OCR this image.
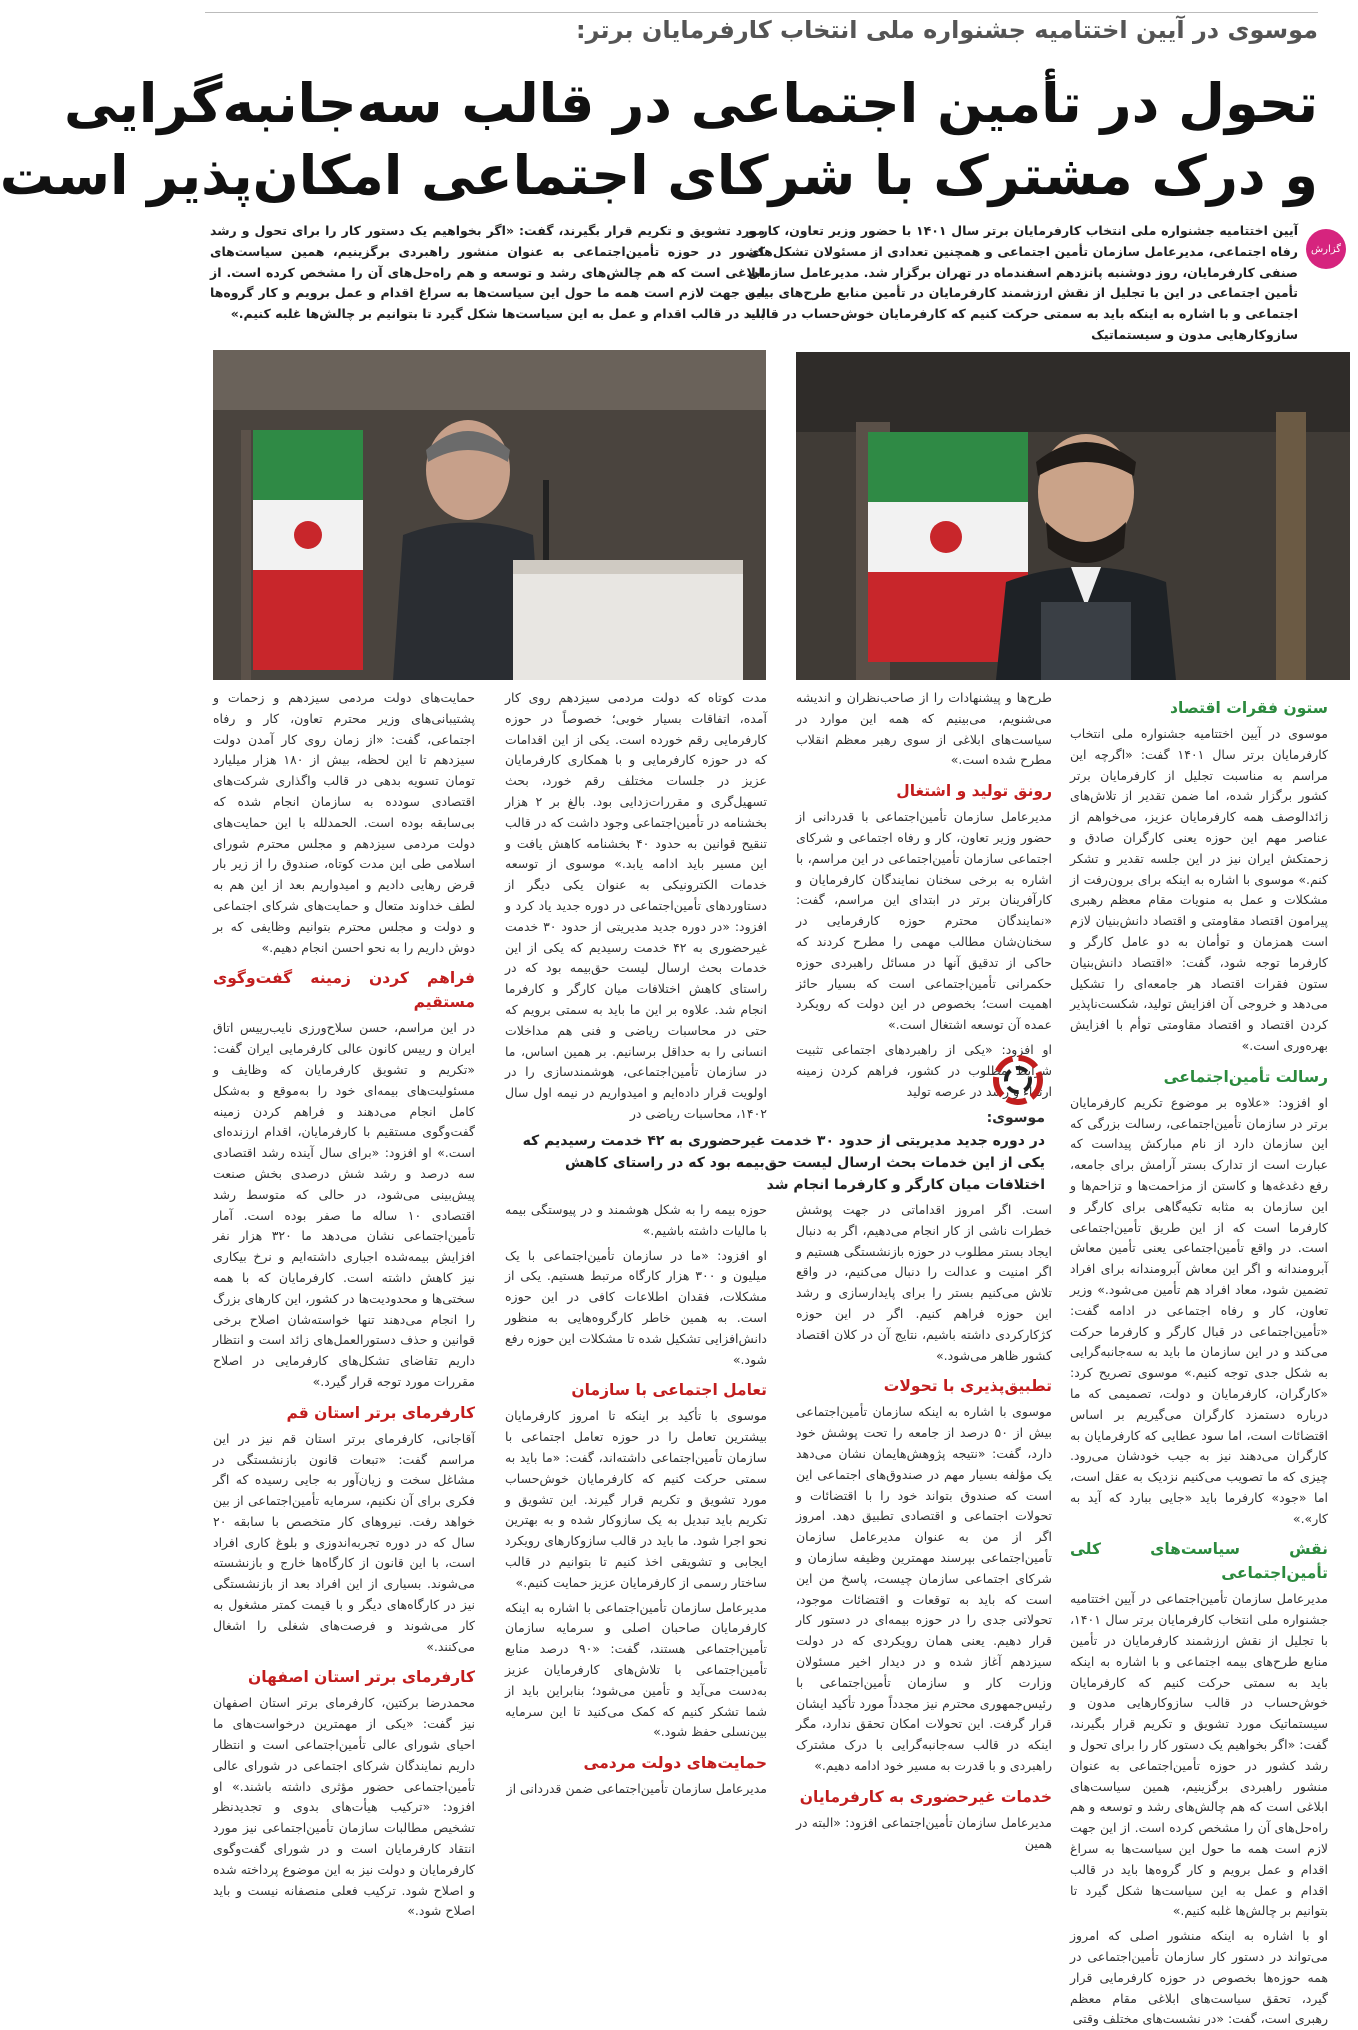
موسوی در آیین اختتامیه جشنواره ملی انتخاب کارفرمایان برتر:
تحول در تأمین اجتماعی در قالب سه‌جانبه‌گرایی
و درک مشترک با شرکای اجتماعی امکان‌پذیر است
گزارش
آیین اختتامیه جشنواره ملی انتخاب کارفرمایان برتر سال ۱۴۰۱ با حضور وزیر تعاون، کار و رفاه اجتماعی، مدیرعامل سازمان تأمین اجتماعی و همچنین تعدادی از مسئولان تشکل‌های صنفی کارفرمایان، روز دوشنبه پانزدهم اسفندماه در تهران برگزار شد. مدیرعامل سازمان تأمین اجتماعی در این با تجلیل از نقش ارزشمند کارفرمایان در تأمین منابع طرح‌های بیمه اجتماعی و با اشاره به اینکه باید به سمتی حرکت کنیم که کارفرمایان خوش‌حساب در قالب سازوکارهایی مدون و سیستماتیک
مورد تشویق و تکریم قرار بگیرند، گفت: «اگر بخواهیم یک دستور کار را برای تحول و رشد کشور در حوزه تأمین‌اجتماعی به عنوان منشور راهبردی برگزینیم، همین سیاست‌های ابلاغی است که هم چالش‌های رشد و توسعه و هم راه‌حل‌های آن را مشخص کرده است. از این جهت لازم است همه ما حول این سیاست‌ها به سراغ اقدام و عمل برویم و کار گروه‌ها باید در قالب اقدام و عمل به این سیاست‌ها شکل گیرد تا بتوانیم بر چالش‌ها غلبه کنیم.»
ستون فقرات اقتصاد

موسوی در آیین اختتامیه جشنواره ملی انتخاب کارفرمایان برتر سال ۱۴۰۱ گفت: «اگرچه این مراسم به مناسبت تجلیل از کارفرمایان برتر کشور برگزار شده، اما ضمن تقدیر از تلاش‌های زائدالوصف همه کارفرمایان عزیز، می‌خواهم از عناصر مهم این حوزه یعنی کارگران صادق و زحمتکش ایران نیز در این جلسه تقدیر و تشکر کنم.» موسوی با اشاره به اینکه برای برون‌رفت از مشکلات و عمل به منویات مقام معظم رهبری پیرامون اقتصاد مقاومتی و اقتصاد دانش‌بنیان لازم است همزمان و توأمان به دو عامل کارگر و کارفرما توجه شود، گفت: «اقتصاد دانش‌بنیان ستون فقرات اقتصاد هر جامعه‌ای را تشکیل می‌دهد و خروجی آن افزایش تولید، شکست‌ناپذیر کردن اقتصاد و اقتصاد مقاومتی توأم با افزایش بهره‌وری است.»

رسالت تأمین‌اجتماعی

او افزود: «علاوه بر موضوع تکریم کارفرمایان برتر در سازمان تأمین‌اجتماعی، رسالت بزرگی که این سازمان دارد از نام مبارکش پیداست که عبارت است از تدارک بستر آرامش برای جامعه، رفع دغدغه‌ها و کاستن از مزاحمت‌ها و تزاحم‌ها و این سازمان به مثابه تکیه‌گاهی برای کارگر و کارفرما است که از این طریق تأمین‌اجتماعی است. در واقع تأمین‌اجتماعی یعنی تأمین معاش آبرومندانه و اگر این معاش آبرومندانه برای افراد تضمین شود، معاد افراد هم تأمین می‌شود.» وزیر تعاون، کار و رفاه اجتماعی در ادامه گفت: «تأمین‌اجتماعی در قبال کارگر و کارفرما حرکت می‌کند و در این سازمان ما باید به سه‌جانبه‌گرایی به شکل جدی توجه کنیم.» موسوی تصریح کرد: «کارگران، کارفرمایان و دولت، تصمیمی که ما درباره دستمزد کارگران می‌گیریم بر اساس اقتضائات است، اما سود عطایی که کارفرمایان به کارگران می‌دهند نیز به جیب خودشان می‌رود. چیزی که ما تصویب می‌کنیم نزدیک به عقل است، اما «جود» کارفرما باید «جایی ببارد که آید به کار».»

نقش سیاست‌های کلی تأمین‌اجتماعی

مدیرعامل سازمان تأمین‌اجتماعی در آیین اختتامیه جشنواره ملی انتخاب کارفرمایان برتر سال ۱۴۰۱، با تجلیل از نقش ارزشمند کارفرمایان در تأمین منابع طرح‌های بیمه اجتماعی و با اشاره به اینکه باید به سمتی حرکت کنیم که کارفرمایان خوش‌حساب در قالب سازوکارهایی مدون و سیستماتیک مورد تشویق و تکریم قرار بگیرند، گفت: «اگر بخواهیم یک دستور کار را برای تحول و رشد کشور در حوزه تأمین‌اجتماعی به عنوان منشور راهبردی برگزینیم، همین سیاست‌های ابلاغی است که هم چالش‌های رشد و توسعه و هم راه‌حل‌های آن را مشخص کرده است. از این جهت لازم است همه ما حول این سیاست‌ها به سراغ اقدام و عمل برویم و کار گروه‌ها باید در قالب اقدام و عمل به این سیاست‌ها شکل گیرد تا بتوانیم بر چالش‌ها غلبه کنیم.»

او با اشاره به اینکه منشور اصلی که امروز می‌تواند در دستور کار سازمان تأمین‌اجتماعی در همه حوزه‌ها بخصوص در حوزه کارفرمایی قرار گیرد، تحقق سیاست‌های ابلاغی مقام معظم رهبری است، گفت: «در نشست‌های مختلف وقتی

طرح‌ها و پیشنهادات را از صاحب‌نظران و اندیشه می‌شنویم، می‌بینیم که همه این موارد در سیاست‌های ابلاغی از سوی رهبر معظم انقلاب مطرح شده است.»

رونق تولید و اشتغال

مدیرعامل سازمان تأمین‌اجتماعی با قدردانی از حضور وزیر تعاون، کار و رفاه اجتماعی و شرکای اجتماعی سازمان تأمین‌اجتماعی در این مراسم، با اشاره به برخی سخنان نمایندگان کارفرمایان و کارآفرینان برتر در ابتدای این مراسم، گفت: «نمایندگان محترم حوزه کارفرمایی در سخنان‌شان مطالب مهمی را مطرح کردند که حاکی از تدقیق آنها در مسائل راهبردی حوزه حکمرانی تأمین‌اجتماعی است که بسیار حائز اهمیت است؛ بخصوص در این دولت که رویکرد عمده آن توسعه اشتغال است.»

او افزود: «یکی از راهبردهای اجتماعی تثبیت شرایط مطلوب در کشور، فراهم کردن زمینه ارتقاء و رشد در عرصه تولید

است. اگر امروز اقداماتی در جهت پوشش خطرات ناشی از کار انجام می‌دهیم، اگر به دنبال ایجاد بستر مطلوب در حوزه بازنشستگی هستیم و اگر امنیت و عدالت را دنبال می‌کنیم، در واقع تلاش می‌کنیم بستر را برای پایدارسازی و رشد این حوزه فراهم کنیم. اگر در این حوزه کژکارکردی داشته باشیم، نتایج آن در کلان اقتصاد کشور ظاهر می‌شود.»

تطبیق‌پذیری با تحولات

موسوی با اشاره به اینکه سازمان تأمین‌اجتماعی بیش از ۵۰ درصد از جامعه را تحت پوشش خود دارد، گفت: «نتیجه پژوهش‌هایمان نشان می‌دهد یک مؤلفه بسیار مهم در صندوق‌های اجتماعی این است که صندوق بتواند خود را با اقتضائات و تحولات اجتماعی و اقتصادی تطبیق دهد. امروز اگر از من به عنوان مدیرعامل سازمان تأمین‌اجتماعی بپرسند مهمترین وظیفه سازمان و شرکای اجتماعی سازمان چیست، پاسخ من این است که باید به توقعات و اقتضائات موجود، تحولاتی جدی را در حوزه بیمه‌ای در دستور کار قرار دهیم. یعنی همان رویکردی که در دولت سیزدهم آغاز شده و در دیدار اخیر مسئولان وزارت کار و سازمان تأمین‌اجتماعی با رئیس‌جمهوری محترم نیز مجدداً مورد تأکید ایشان قرار گرفت. این تحولات امکان تحقق ندارد، مگر اینکه در قالب سه‌جانبه‌گرایی با درک مشترک راهبردی و با قدرت به مسیر خود ادامه دهیم.»

خدمات غیرحضوری به کارفرمایان

مدیرعامل سازمان تأمین‌اجتماعی افزود: «البته در همین

مدت کوتاه که دولت مردمی سیزدهم روی کار آمده، اتفاقات بسیار خوبی؛ خصوصاً در حوزه کارفرمایی رقم خورده است. یکی از این اقدامات که در حوزه کارفرمایی و با همکاری کارفرمایان عزیز در جلسات مختلف رقم خورد، بحث تسهیل‌گری و مقررات‌زدایی بود. بالغ بر ۲ هزار بخشنامه در تأمین‌اجتماعی وجود داشت که در قالب تنقیح قوانین به حدود ۴۰ بخشنامه کاهش یافت و این مسیر باید ادامه یابد.» موسوی از توسعه خدمات الکترونیکی به عنوان یکی دیگر از دستاوردهای تأمین‌اجتماعی در دوره جدید یاد کرد و افزود: «در دوره جدید مدیریتی از حدود ۳۰ خدمت غیرحضوری به ۴۲ خدمت رسیدیم که یکی از این خدمات بحث ارسال لیست حق‌بیمه بود که در راستای کاهش اختلافات میان کارگر و کارفرما انجام شد. علاوه بر این ما باید به سمتی برویم که حتی در محاسبات ریاضی و فنی هم مداخلات انسانی را به حداقل برسانیم. بر همین اساس، ما در سازمان تأمین‌اجتماعی، هوشمندسازی را در اولویت قرار داده‌ایم و امیدواریم در نیمه اول سال ۱۴۰۲، محاسبات ریاضی در

حوزه بیمه را به شکل هوشمند و در پیوستگی بیمه با مالیات داشته باشیم.»

او افزود: «ما در سازمان تأمین‌اجتماعی با یک میلیون و ۳۰۰ هزار کارگاه مرتبط هستیم. یکی از مشکلات، فقدان اطلاعات کافی در این حوزه است. به همین خاطر کارگروه‌هایی به منظور دانش‌افزایی تشکیل شده تا مشکلات این حوزه رفع شود.»

تعامل اجتماعی با سازمان

موسوی با تأکید بر اینکه تا امروز کارفرمایان بیشترین تعامل را در حوزه تعامل اجتماعی با سازمان تأمین‌اجتماعی داشته‌اند، گفت: «ما باید به سمتی حرکت کنیم که کارفرمایان خوش‌حساب مورد تشویق و تکریم قرار گیرند. این تشویق و تکریم باید تبدیل به یک سازوکار شده و به بهترین نحو اجرا شود. ما باید در قالب سازوکارهای رویکرد ایجابی و تشویقی اخذ کنیم تا بتوانیم در قالب ساختار رسمی از کارفرمایان عزیز حمایت کنیم.»

مدیرعامل سازمان تأمین‌اجتماعی با اشاره به اینکه کارفرمایان صاحبان اصلی و سرمایه سازمان تأمین‌اجتماعی هستند، گفت: «۹۰ درصد منابع تأمین‌اجتماعی با تلاش‌های کارفرمایان عزیز به‌دست می‌آید و تأمین می‌شود؛ بنابراین باید از شما تشکر کنیم که کمک می‌کنید تا این سرمایه بین‌نسلی حفظ شود.»

حمایت‌های دولت مردمی

مدیرعامل سازمان تأمین‌اجتماعی ضمن قدردانی از

حمایت‌های دولت مردمی سیزدهم و زحمات و پشتیبانی‌های وزیر محترم تعاون، کار و رفاه اجتماعی، گفت: «از زمان روی کار آمدن دولت سیزدهم تا این لحظه، بیش از ۱۸۰ هزار میلیارد تومان تسویه بدهی در قالب واگذاری شرکت‌های اقتصادی سودده به سازمان انجام شده که بی‌سابقه بوده است. الحمدلله با این حمایت‌های دولت مردمی سیزدهم و مجلس محترم شورای اسلامی طی این مدت کوتاه، صندوق را از زیر بار قرض رهایی دادیم و امیدواریم بعد از این هم به لطف خداوند متعال و حمایت‌های شرکای اجتماعی و دولت و مجلس محترم بتوانیم وظایفی که بر دوش داریم را به نحو احسن انجام دهیم.»

فراهم کردن زمینه گفت‌وگوی مستقیم

در این مراسم، حسن سلاح‌ورزی نایب‌رییس اتاق ایران و رییس کانون عالی کارفرمایی ایران گفت: «تکریم و تشویق کارفرمایان که وظایف و مسئولیت‌های بیمه‌ای خود را به‌موقع و به‌شکل کامل انجام می‌دهند و فراهم کردن زمینه گفت‌وگوی مستقیم با کارفرمایان، اقدام ارزنده‌ای است.» او افزود: «برای سال آینده رشد اقتصادی سه درصد و رشد شش درصدی بخش صنعت پیش‌بینی می‌شود، در حالی که متوسط رشد اقتصادی ۱۰ ساله ما صفر بوده است. آمار تأمین‌اجتماعی نشان می‌دهد ما ۳۲۰ هزار نفر افزایش بیمه‌شده اجباری داشته‌ایم و نرخ بیکاری نیز کاهش داشته است. کارفرمایان که با همه سختی‌ها و محدودیت‌ها در کشور، این کارهای بزرگ را انجام می‌دهند تنها خواسته‌شان اصلاح برخی قوانین و حذف دستورالعمل‌های زائد است و انتظار داریم تقاضای تشکل‌های کارفرمایی در اصلاح مقررات مورد توجه قرار گیرد.»

کارفرمای برتر استان قم

آقاجانی، کارفرمای برتر استان قم نیز در این مراسم گفت: «تبعات قانون بازنشستگی در مشاغل سخت و زیان‌آور به جایی رسیده که اگر فکری برای آن نکنیم، سرمایه تأمین‌اجتماعی از بین خواهد رفت. نیروهای کار متخصص با سابقه ۲۰ سال که در دوره تجربه‌اندوزی و بلوغ کاری افراد است، با این قانون از کارگاه‌ها خارج و بازنشسته می‌شوند. بسیاری از این افراد بعد از بازنشستگی نیز در کارگاه‌های دیگر و با قیمت کمتر مشغول به کار می‌شوند و فرصت‌های شغلی را اشغال می‌کنند.»

کارفرمای برتر استان اصفهان

محمدرضا برکتین، کارفرمای برتر استان اصفهان نیز گفت: «یکی از مهمترین درخواست‌های ما احیای شورای عالی تأمین‌اجتماعی است و انتظار داریم نمایندگان شرکای اجتماعی در شورای عالی تأمین‌اجتماعی حضور مؤثری داشته باشند.» او افزود: «ترکیب هیأت‌های بدوی و تجدیدنظر تشخیص مطالبات سازمان تأمین‌اجتماعی نیز مورد انتقاد کارفرمایان است و در شورای گفت‌وگوی کارفرمایان و دولت نیز به این موضوع پرداخته شده و اصلاح شود. ترکیب فعلی منصفانه نیست و باید اصلاح شود.»

موسوی:
در دوره جدید مدیریتی از حدود ۳۰ خدمت غیرحضوری به ۴۲ خدمت رسیدیم که یکی از این خدمات بحث ارسال لیست حق‌بیمه بود که در راستای کاهش اختلافات میان کارگر و کارفرما انجام شد
